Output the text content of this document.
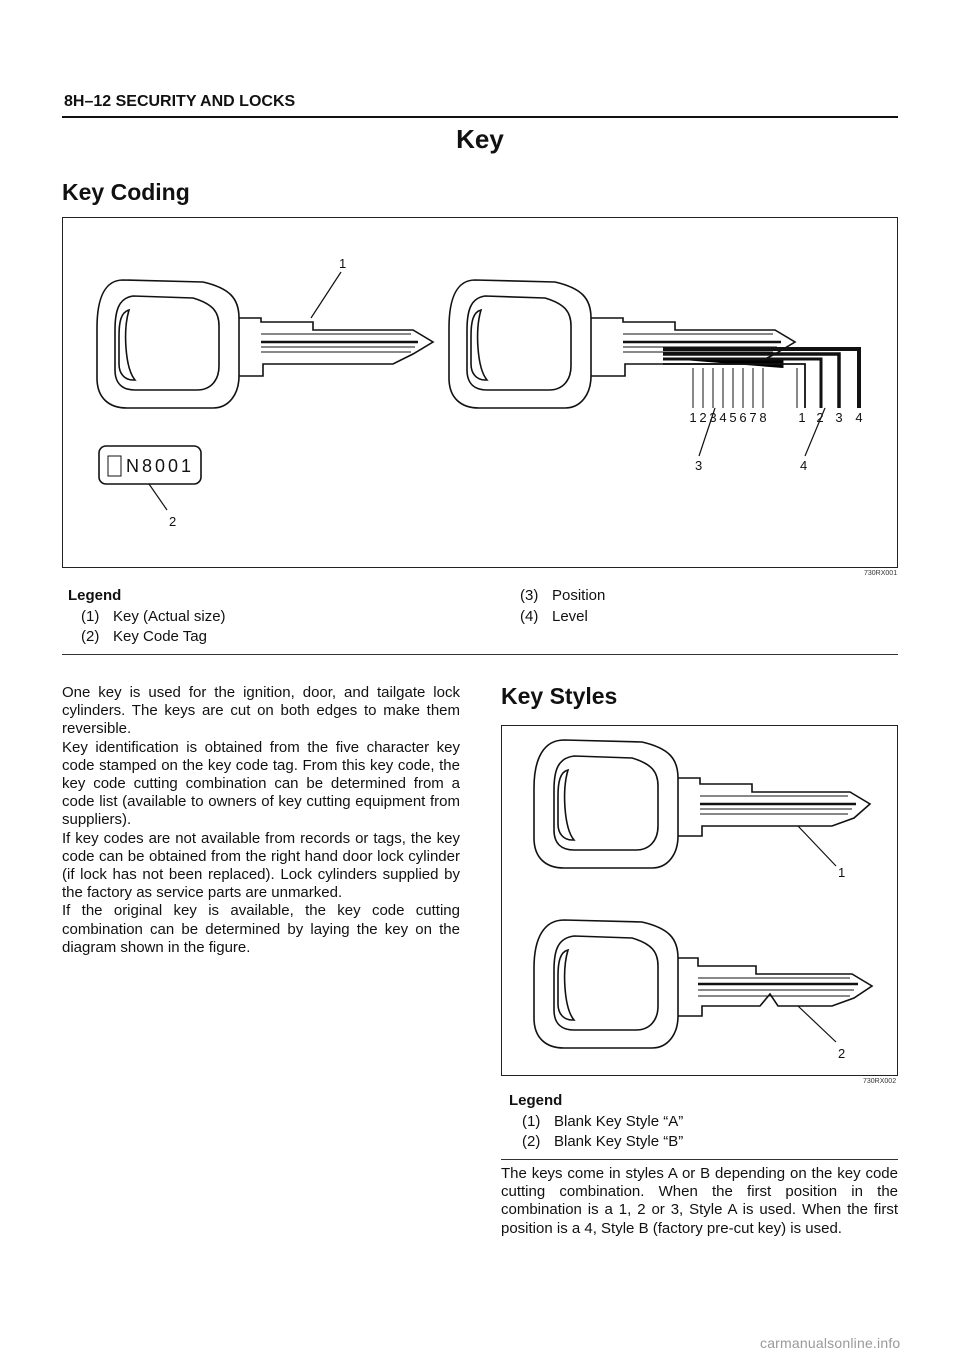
8H–12 SECURITY AND LOCKS
Key
Key Coding
1
2
3	4
1 2 3 4 5 6 7 8 1 2 3 4
N8001
730RX001
Legend
(1) Key (Actual size)
(2) Key Code Tag
(3) Position
(4) Level

One key is used for the ignition, door, and tailgate lock cylinders. The keys are cut on both edges to make them reversible.

Key identification is obtained from the five character key code stamped on the key code tag. From this key code, the key code cutting combination can be determined from a code list (available to owners of key cutting equipment from suppliers).

If key codes are not available from records or tags, the key code can be obtained from the right hand door lock cylinder (if lock has not been replaced). Lock cylinders supplied by the factory as service parts are unmarked.

If the original key is available, the key code cutting combination can be determined by laying the key on the diagram shown in the figure.

Key Styles
1
2
730RX002
Legend
(1) Blank Key Style “A”
(2) Blank Key Style “B”

The keys come in styles A or B depending on the key code cutting combination. When the first position in the combination is a 1, 2 or 3, Style A is used. When the first position is a 4, Style B (factory pre-cut key) is used.

carmanualsonline.info
